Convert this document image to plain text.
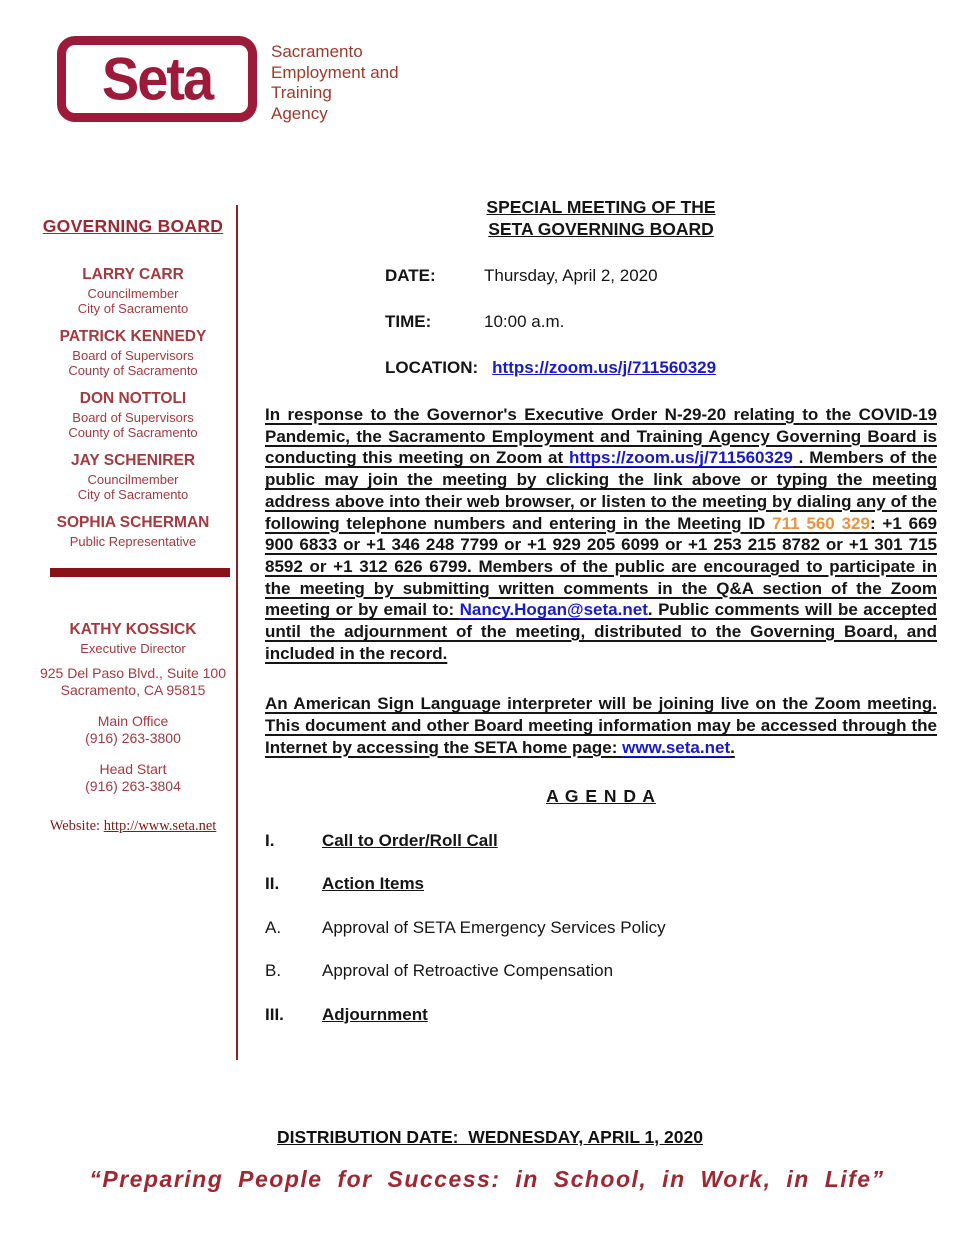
Seta	Sacramento
Employment and
Training
Agency
GOVERNING BOARD
LARRY CARR
Councilmember
City of Sacramento
PATRICK KENNEDY
Board of Supervisors
County of Sacramento
DON NOTTOLI
Board of Supervisors
County of Sacramento
JAY SCHENIRER
Councilmember
City of Sacramento
SOPHIA SCHERMAN
Public Representative
KATHY KOSSICK
Executive Director
925 Del Paso Blvd., Suite 100
Sacramento, CA 95815
Main Office
(916) 263-3800
Head Start
(916) 263-3804
Website: http://www.seta.net
SPECIAL MEETING OF THE
SETA GOVERNING BOARD
DATE:	Thursday, April 2, 2020
TIME:	10:00 a.m.
LOCATION: https://zoom.us/j/711560329

In response to the Governor's Executive Order N-29-20 relating to the COVID-19 Pandemic, the Sacramento Employment and Training Agency Governing Board is conducting this meeting on Zoom at https://zoom.us/j/711560329 . Members of the public may join the meeting by clicking the link above or typing the meeting address above into their web browser, or listen to the meeting by dialing any of the following telephone numbers and entering in the Meeting ID 711 560 329: +1 669 900 6833 or +1 346 248 7799 or +1 929 205 6099 or +1 253 215 8782 or +1 301 715 8592 or +1 312 626 6799. Members of the public are encouraged to participate in the meeting by submitting written comments in the Q&A section of the Zoom meeting or by email to: Nancy.Hogan@seta.net. Public comments will be accepted until the adjournment of the meeting, distributed to the Governing Board, and included in the record.

An American Sign Language interpreter will be joining live on the Zoom meeting. This document and other Board meeting information may be accessed through the Internet by accessing the SETA home page: www.seta.net.

A G E N D A
I.	Call to Order/Roll Call
II.	Action Items
A.	Approval of SETA Emergency Services Policy
B.	Approval of Retroactive Compensation
III.	Adjournment
DISTRIBUTION DATE:  WEDNESDAY, APRIL 1, 2020
“Preparing People for Success: in School, in Work, in Life”
